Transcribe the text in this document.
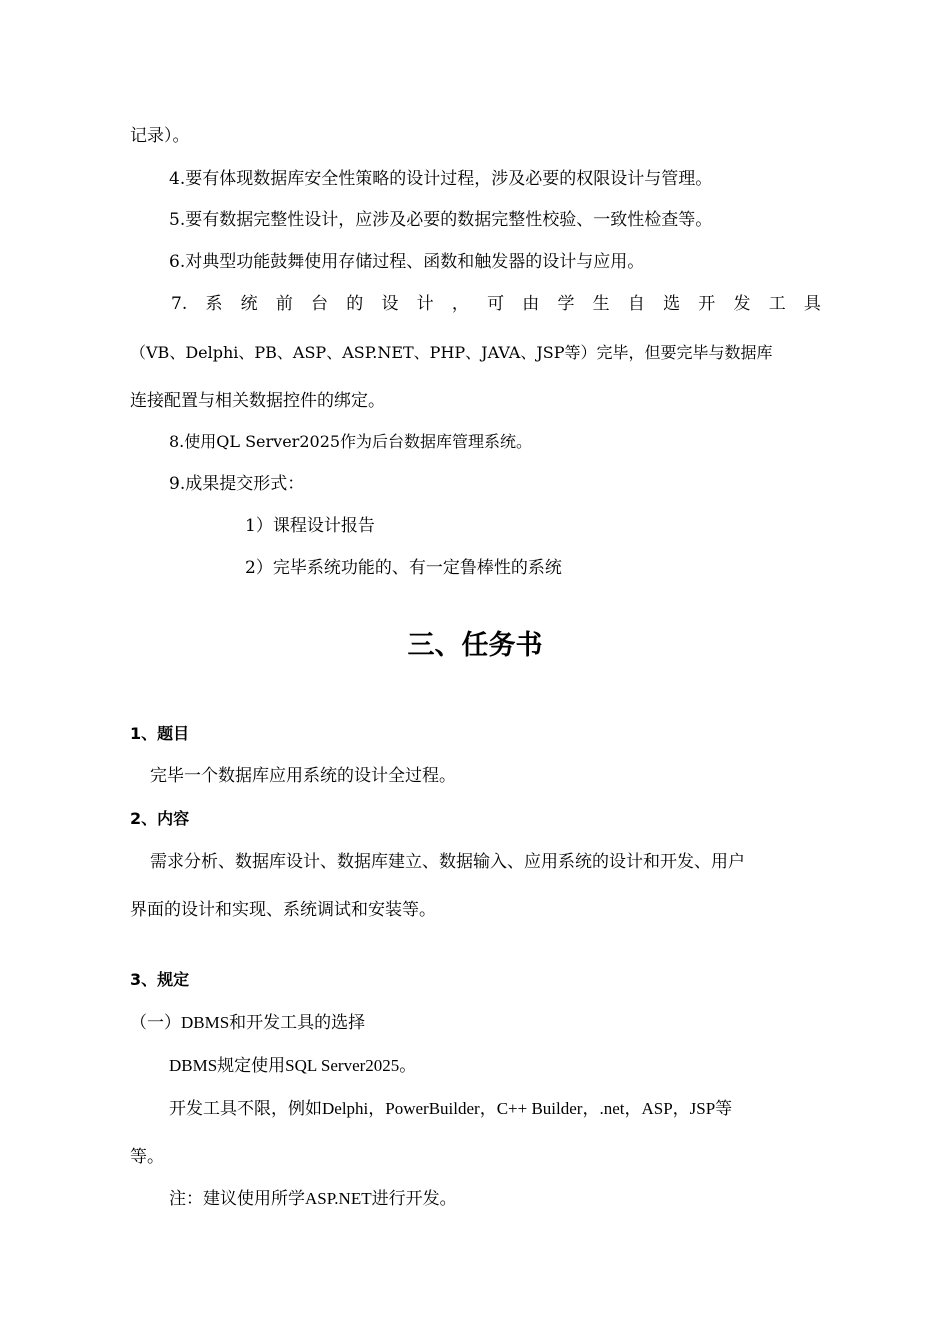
记录）。
4.要有体现数据库安全性策略的设计过程，涉及必要的权限设计与管理。
5.要有数据完整性设计，应涉及必要的数据完整性校验、一致性检查等。
6.对典型功能鼓舞使用存储过程、函数和触发器的设计与应用。
7. 系 统 前 台 的 设 计 ， 可 由 学 生 自 选 开 发 工 具
（VB、Delphi、PB、ASP、ASP.NET、PHP、JAVA、JSP等）完毕，但要完毕与数据库
连接配置与相关数据控件的绑定。
8.使用QL Server2025作为后台数据库管理系统。
9.成果提交形式：
1）课程设计报告
2）完毕系统功能的、有一定鲁棒性的系统
三、任务书
1、题目
完毕一个数据库应用系统的设计全过程。
2、内容
需求分析、数据库设计、数据库建立、数据输入、应用系统的设计和开发、用户
界面的设计和实现、系统调试和安装等。
3、规定
（一）DBMS和开发工具的选择
DBMS规定使用SQL Server2025。
开发工具不限，例如Delphi，PowerBuilder，C++ Builder，.net，ASP，JSP等
等。
注：建议使用所学ASP.NET进行开发。
